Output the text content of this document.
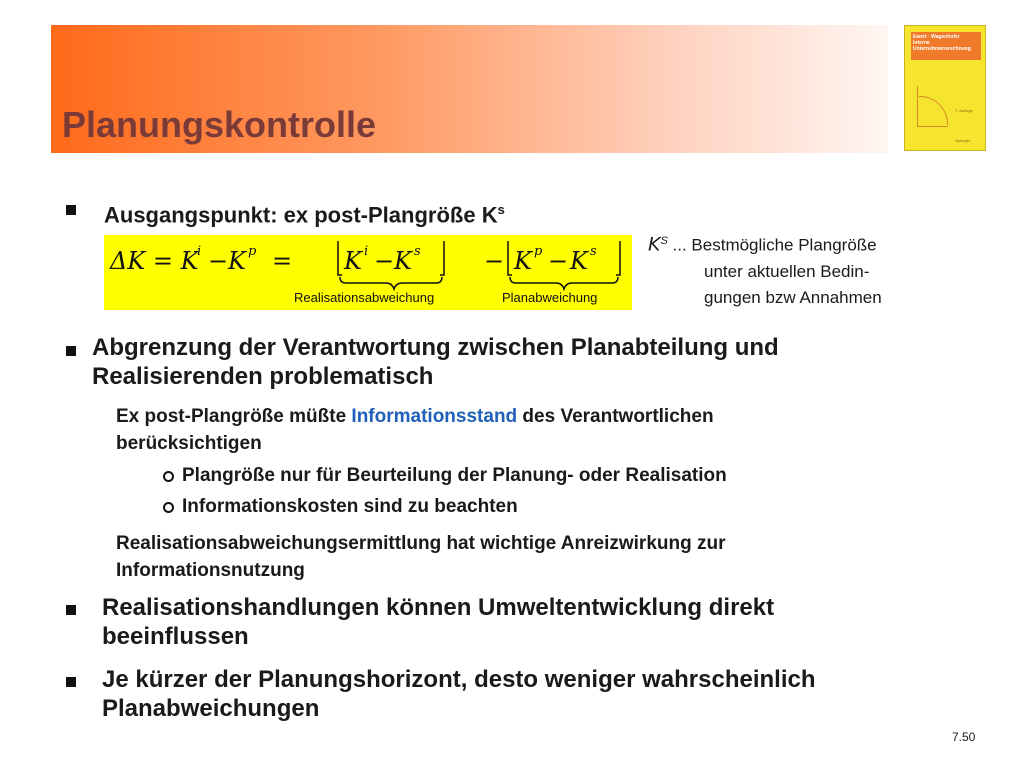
Planungskontrolle
Ewert · Wagenhofer
Interne
Unternehmensrechnung
7. Auflage
Springer
Ausgangspunkt: ex post-Plangröße $K^s$
ΔK = K
i − K p = K i − K s	− K p − K s
Realisationsabweichung	Planabweichung
$K^S$ ... Bestmögliche Plangröße
unter aktuellen Bedin-
gungen bzw Annahmen
Abgrenzung der Verantwortung zwischen Planabteilung und
Realisierenden problematisch
Ex post-Plangröße müßte Informationsstand des Verantwortlichen
berücksichtigen
Plangröße nur für Beurteilung der Planung- oder Realisation
Informationskosten sind zu beachten
Realisationsabweichungsermittlung hat wichtige Anreizwirkung zur
Informationsnutzung
Realisationshandlungen können Umweltentwicklung direkt
beeinflussen
Je kürzer der Planungshorizont, desto weniger wahrscheinlich
Planabweichungen
7.50
